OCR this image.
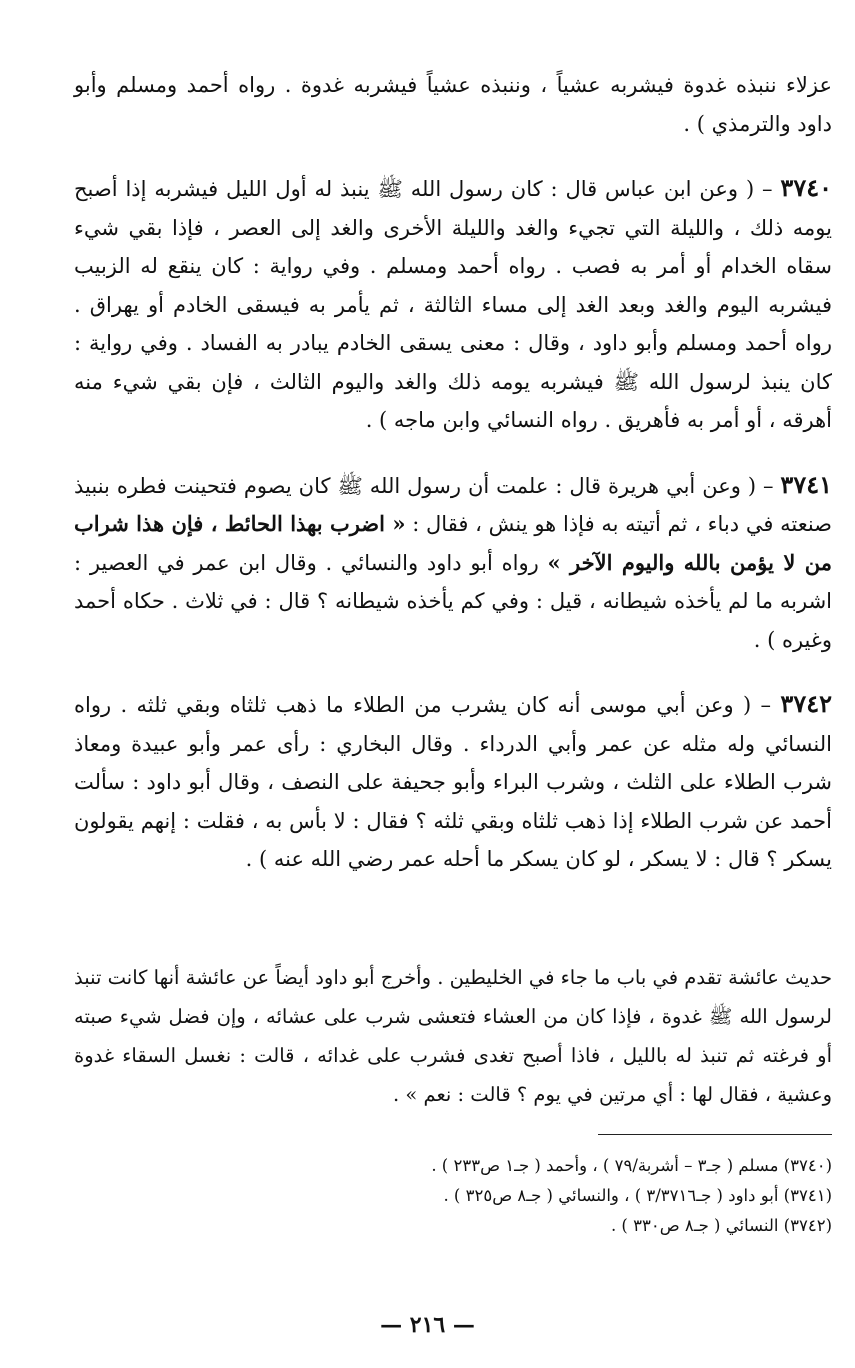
عزلاء ننبذه غدوة فيشربه عشياً ، وننبذه عشياً فيشربه غدوة . رواه أحمد ومسلم وأبو داود والترمذي ) .

٣٧٤٠ – ( وعن ابن عباس قال : كان رسول الله ﷺ ينبذ له أول الليل فيشربه إذا أصبح يومه ذلك ، والليلة التي تجيء والغد والليلة الأخرى والغد إلى العصر ، فإذا بقي شيء سقاه الخدام أو أمر به فصب . رواه أحمد ومسلم . وفي رواية : كان ينقع له الزبيب فيشربه اليوم والغد وبعد الغد إلى مساء الثالثة ، ثم يأمر به فيسقى الخادم أو يهراق . رواه أحمد ومسلم وأبو داود ، وقال : معنى يسقى الخادم يبادر به الفساد . وفي رواية : كان ينبذ لرسول الله ﷺ فيشربه يومه ذلك والغد واليوم الثالث ، فإن بقي شيء منه أهرقه ، أو أمر به فأهريق . رواه النسائي وابن ماجه ) .

٣٧٤١ – ( وعن أبي هريرة قال : علمت أن رسول الله ﷺ كان يصوم فتحينت فطره بنبيذ صنعته في دباء ، ثم أتيته به فإذا هو ينش ، فقال : « اضرب بهذا الحائط ، فإن هذا شراب من لا يؤمن بالله واليوم الآخر » رواه أبو داود والنسائي . وقال ابن عمر في العصير : اشربه ما لم يأخذه شيطانه ، قيل : وفي كم يأخذه شيطانه ؟ قال : في ثلاث . حكاه أحمد وغيره ) .

٣٧٤٢ – ( وعن أبي موسى أنه كان يشرب من الطلاء ما ذهب ثلثاه وبقي ثلثه . رواه النسائي وله مثله عن عمر وأبي الدرداء . وقال البخاري : رأى عمر وأبو عبيدة ومعاذ شرب الطلاء على الثلث ، وشرب البراء وأبو جحيفة على النصف ، وقال أبو داود : سألت أحمد عن شرب الطلاء إذا ذهب ثلثاه وبقي ثلثه ؟ فقال : لا بأس به ، فقلت : إنهم يقولون يسكر ؟ قال : لا يسكر ، لو كان يسكر ما أحله عمر رضي الله عنه ) .

حديث عائشة تقدم في باب ما جاء في الخليطين . وأخرج أبو داود أيضاً عن عائشة أنها كانت تنبذ لرسول الله ﷺ غدوة ، فإذا كان من العشاء فتعشى شرب على عشائه ، وإن فضل شيء صبته أو فرغته ثم تنبذ له بالليل ، فاذا أصبح تغدى فشرب على غدائه ، قالت : نغسل السقاء غدوة وعشية ، فقال لها : أي مرتين في يوم ؟ قالت : نعم » .

(٣٧٤٠) مسلم ( جـ٣ – أشربة/٧٩ ) ، وأحمد ( جـ١ ص٢٣٣ ) .
(٣٧٤١) أبو داود ( جـ٣/٣٧١٦ ) ، والنسائي ( جـ٨ ص٣٢٥ ) .
(٣٧٤٢) النسائي ( جـ٨ ص٣٣٠ ) .
— ٢١٦ —
